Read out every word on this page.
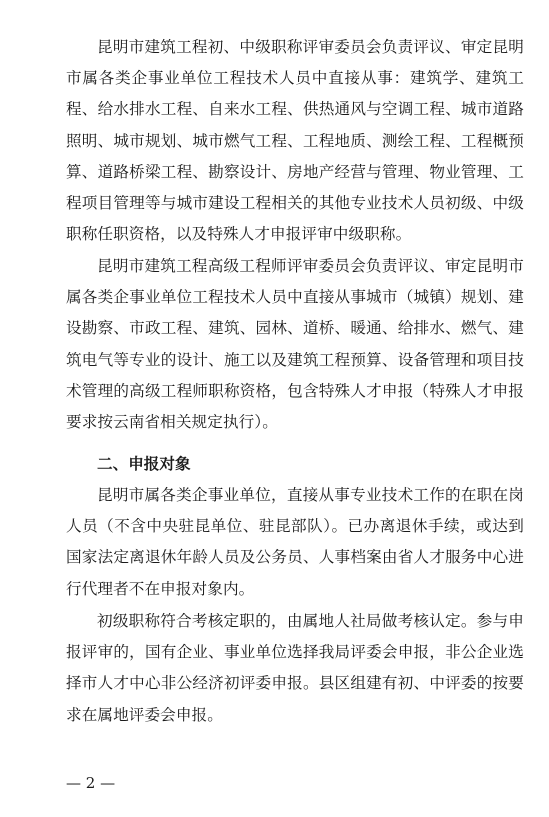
昆明市建筑工程初、中级职称评审委员会负责评议、审定昆明市属各类企事业单位工程技术人员中直接从事：建筑学、建筑工程、给水排水工程、自来水工程、供热通风与空调工程、城市道路照明、城市规划、城市燃气工程、工程地质、测绘工程、工程概预算、道路桥梁工程、勘察设计、房地产经营与管理、物业管理、工程项目管理等与城市建设工程相关的其他专业技术人员初级、中级职称任职资格，以及特殊人才申报评审中级职称。

昆明市建筑工程高级工程师评审委员会负责评议、审定昆明市属各类企事业单位工程技术人员中直接从事城市（城镇）规划、建设勘察、市政工程、建筑、园林、道桥、暖通、给排水、燃气、建筑电气等专业的设计、施工以及建筑工程预算、设备管理和项目技术管理的高级工程师职称资格，包含特殊人才申报（特殊人才申报要求按云南省相关规定执行）。

二、申报对象

昆明市属各类企事业单位，直接从事专业技术工作的在职在岗人员（不含中央驻昆单位、驻昆部队）。已办离退休手续，或达到国家法定离退休年龄人员及公务员、人事档案由省人才服务中心进行代理者不在申报对象内。

初级职称符合考核定职的，由属地人社局做考核认定。参与申报评审的，国有企业、事业单位选择我局评委会申报，非公企业选择市人才中心非公经济初评委申报。县区组建有初、中评委的按要求在属地评委会申报。

— 2 —
